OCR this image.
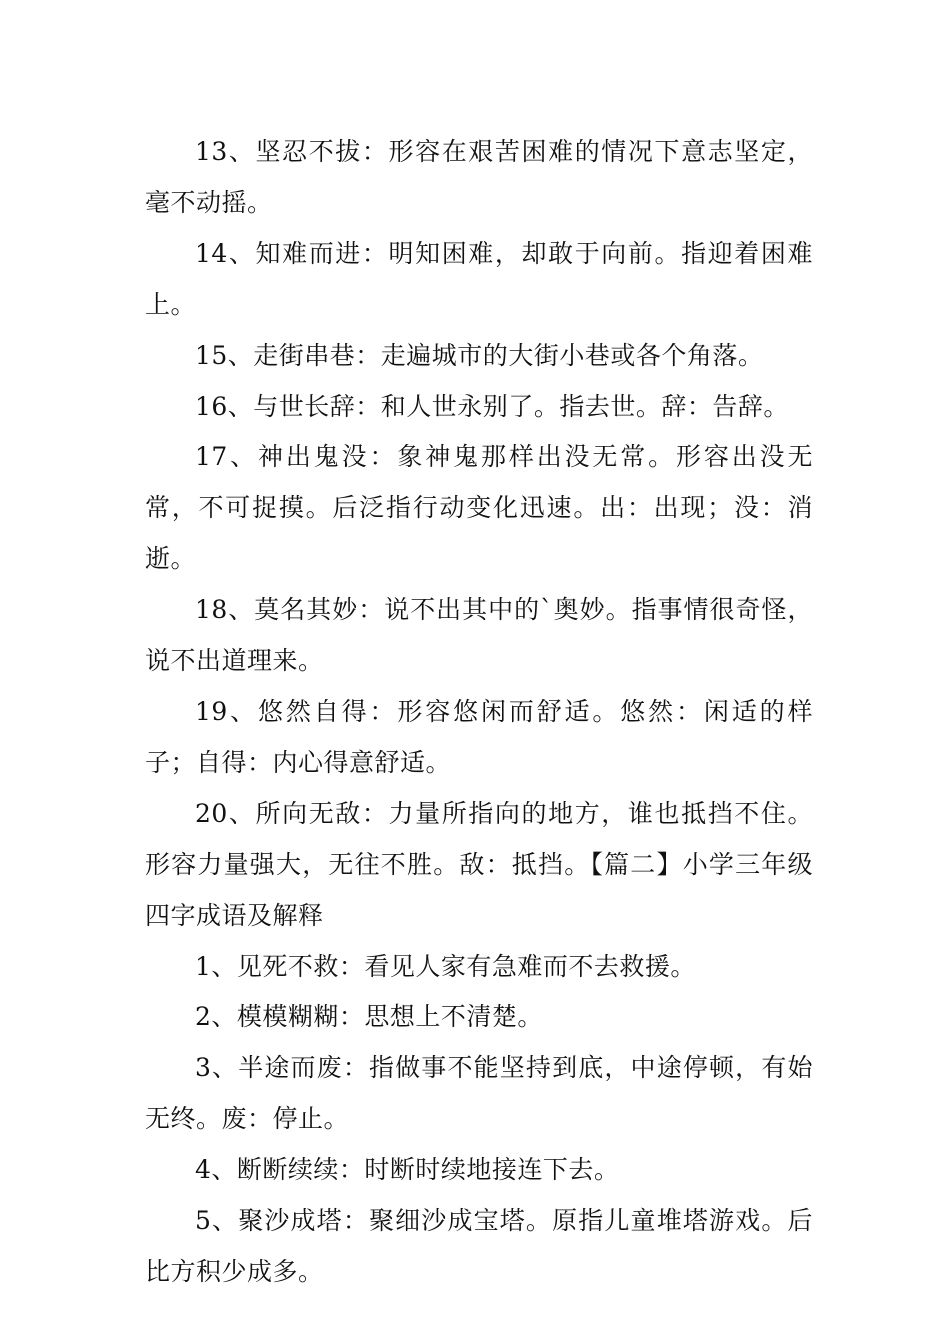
13、坚忍不拔：形容在艰苦困难的情况下意志坚定，毫不动摇。

14、知难而进：明知困难，却敢于向前。指迎着困难上。

15、走街串巷：走遍城市的大街小巷或各个角落。

16、与世长辞：和人世永别了。指去世。辞：告辞。

17、神出鬼没：象神鬼那样出没无常。形容出没无常，不可捉摸。后泛指行动变化迅速。出：出现；没：消逝。

18、莫名其妙：说不出其中的`奥妙。指事情很奇怪，说不出道理来。

19、悠然自得：形容悠闲而舒适。悠然：闲适的样子；自得：内心得意舒适。

20、所向无敌：力量所指向的地方，谁也抵挡不住。形容力量强大，无往不胜。敌：抵挡。【篇二】小学三年级四字成语及解释

1、见死不救：看见人家有急难而不去救援。

2、模模糊糊：思想上不清楚。

3、半途而废：指做事不能坚持到底，中途停顿，有始无终。废：停止。

4、断断续续：时断时续地接连下去。

5、聚沙成塔：聚细沙成宝塔。原指儿童堆塔游戏。后比方积少成多。
